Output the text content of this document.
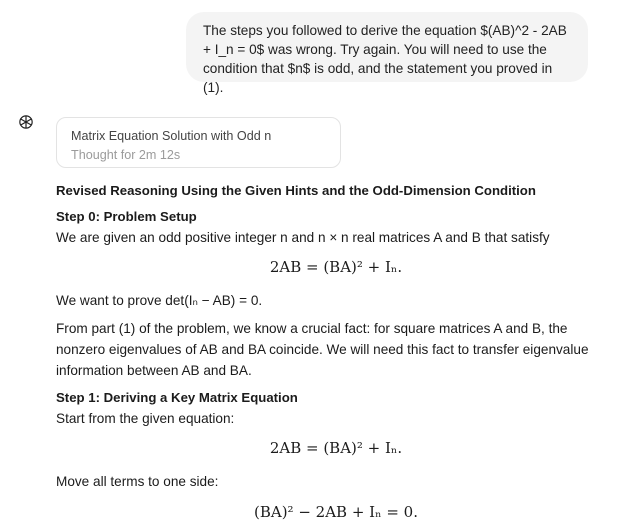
The steps you followed to derive the equation $(AB)^2 - 2AB + I_n = 0$ was wrong. Try again. You will need to use the condition that $n$ is odd, and the statement you proved in (1).
Matrix Equation Solution with Odd n
Thought for 2m 12s
Revised Reasoning Using the Given Hints and the Odd-Dimension Condition
Step 0: Problem Setup
We are given an odd positive integer n and n × n real matrices A and B that satisfy
2AB = (BA)² + Iₙ.
We want to prove det(Iₙ − AB) = 0.
From part (1) of the problem, we know a crucial fact: for square matrices A and B, the nonzero eigenvalues of AB and BA coincide. We will need this fact to transfer eigenvalue information between AB and BA.
Step 1: Deriving a Key Matrix Equation
Start from the given equation:
2AB = (BA)² + Iₙ.
Move all terms to one side:
(BA)² − 2AB + Iₙ = 0.
